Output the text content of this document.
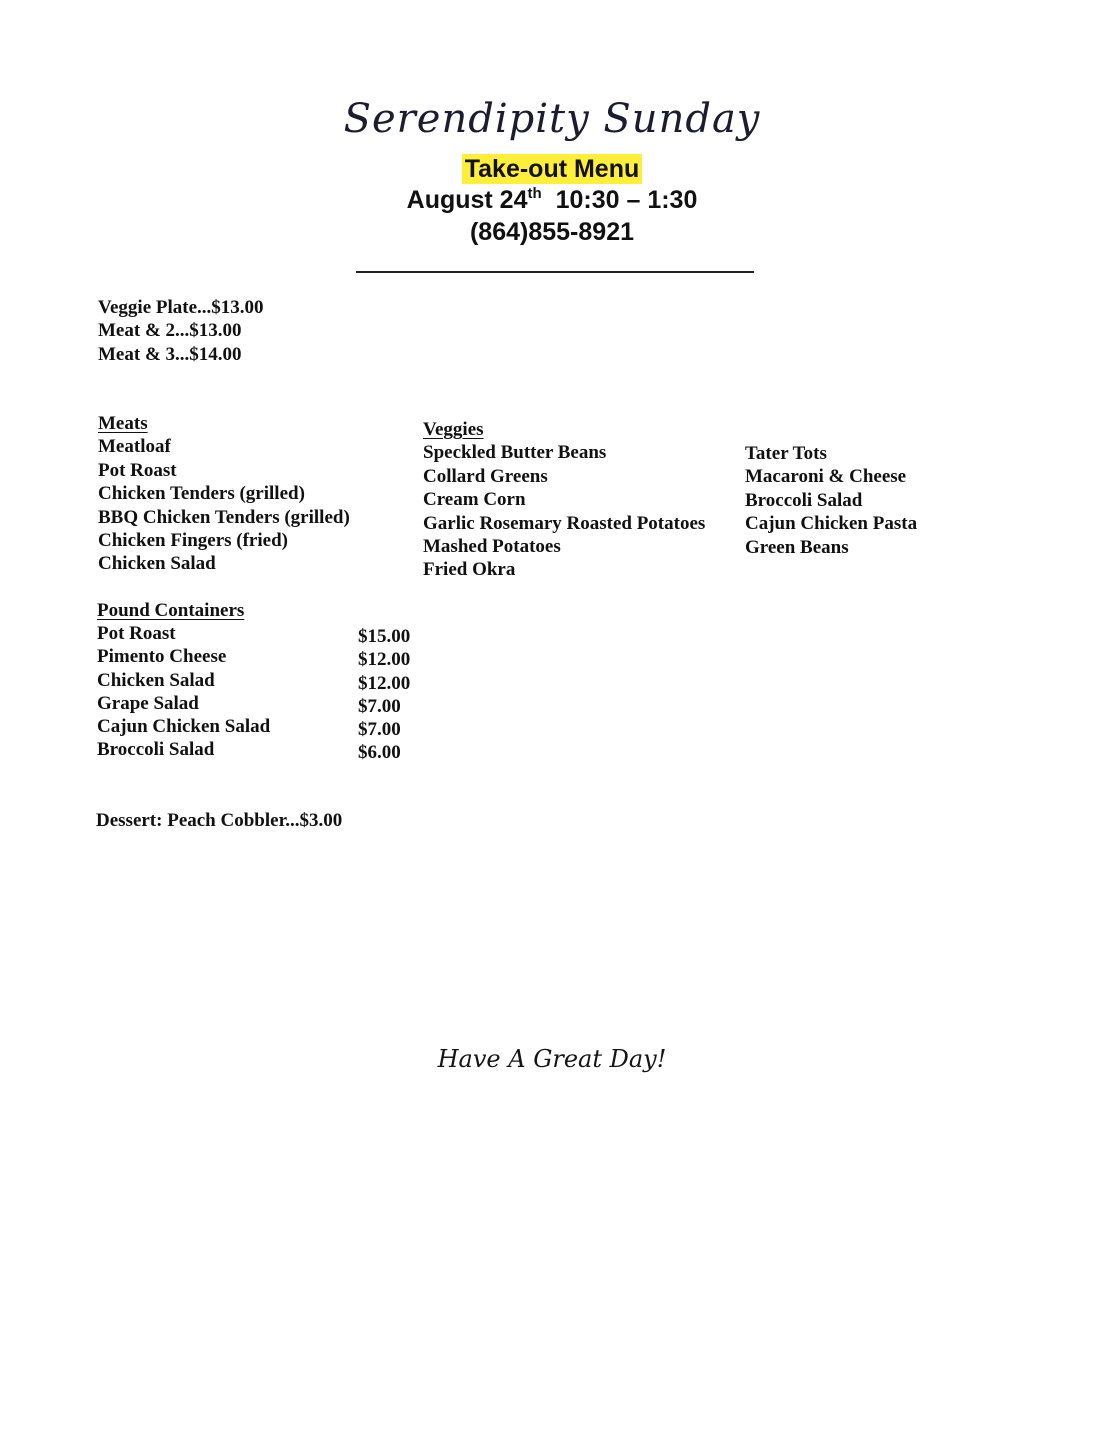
Serendipity Sunday
Take-out Menu
August 24th 10:30 – 1:30
(864)855-8921
Veggie Plate...$13.00
Meat & 2...$13.00
Meat & 3...$14.00
Meats
Meatloaf
Pot Roast
Chicken Tenders (grilled)
BBQ Chicken Tenders (grilled)
Chicken Fingers (fried)
Chicken Salad
Veggies
Speckled Butter Beans
Collard Greens
Cream Corn
Garlic Rosemary Roasted Potatoes
Mashed Potatoes
Fried Okra
Tater Tots
Macaroni & Cheese
Broccoli Salad
Cajun Chicken Pasta
Green Beans
Pound Containers
Pot Roast	$15.00
Pimento Cheese	$12.00
Chicken Salad	$12.00
Grape Salad	$7.00
Cajun Chicken Salad	$7.00
Broccoli Salad	$6.00
Dessert: Peach Cobbler...$3.00
Have A Great Day!
